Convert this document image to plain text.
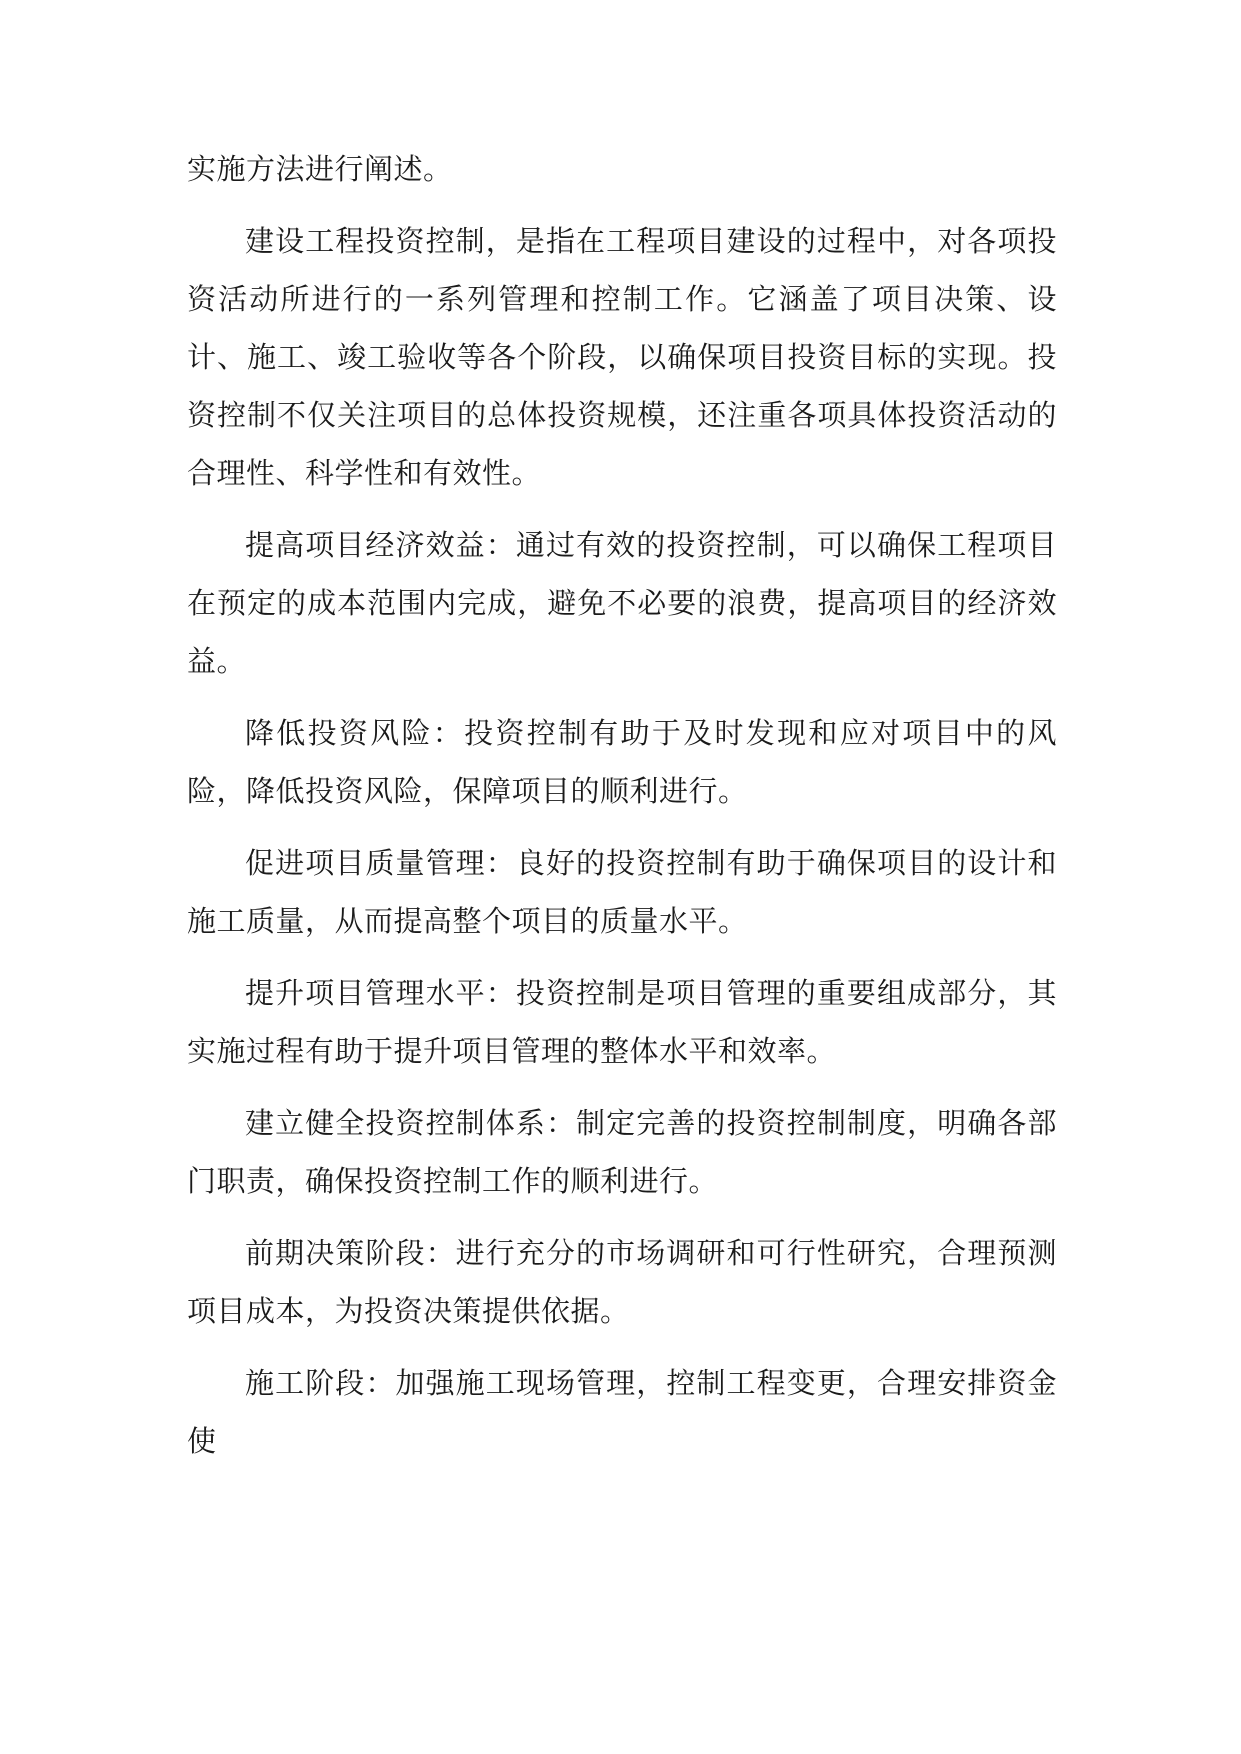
实施方法进行阐述。

建设工程投资控制，是指在工程项目建设的过程中，对各项投资活动所进行的一系列管理和控制工作。它涵盖了项目决策、设计、施工、竣工验收等各个阶段，以确保项目投资目标的实现。投资控制不仅关注项目的总体投资规模，还注重各项具体投资活动的合理性、科学性和有效性。

提高项目经济效益：通过有效的投资控制，可以确保工程项目在预定的成本范围内完成，避免不必要的浪费，提高项目的经济效益。

降低投资风险：投资控制有助于及时发现和应对项目中的风险，降低投资风险，保障项目的顺利进行。

促进项目质量管理：良好的投资控制有助于确保项目的设计和施工质量，从而提高整个项目的质量水平。

提升项目管理水平：投资控制是项目管理的重要组成部分，其实施过程有助于提升项目管理的整体水平和效率。

建立健全投资控制体系：制定完善的投资控制制度，明确各部门职责，确保投资控制工作的顺利进行。

前期决策阶段：进行充分的市场调研和可行性研究，合理预测项目成本，为投资决策提供依据。

施工阶段：加强施工现场管理，控制工程变更，合理安排资金使
